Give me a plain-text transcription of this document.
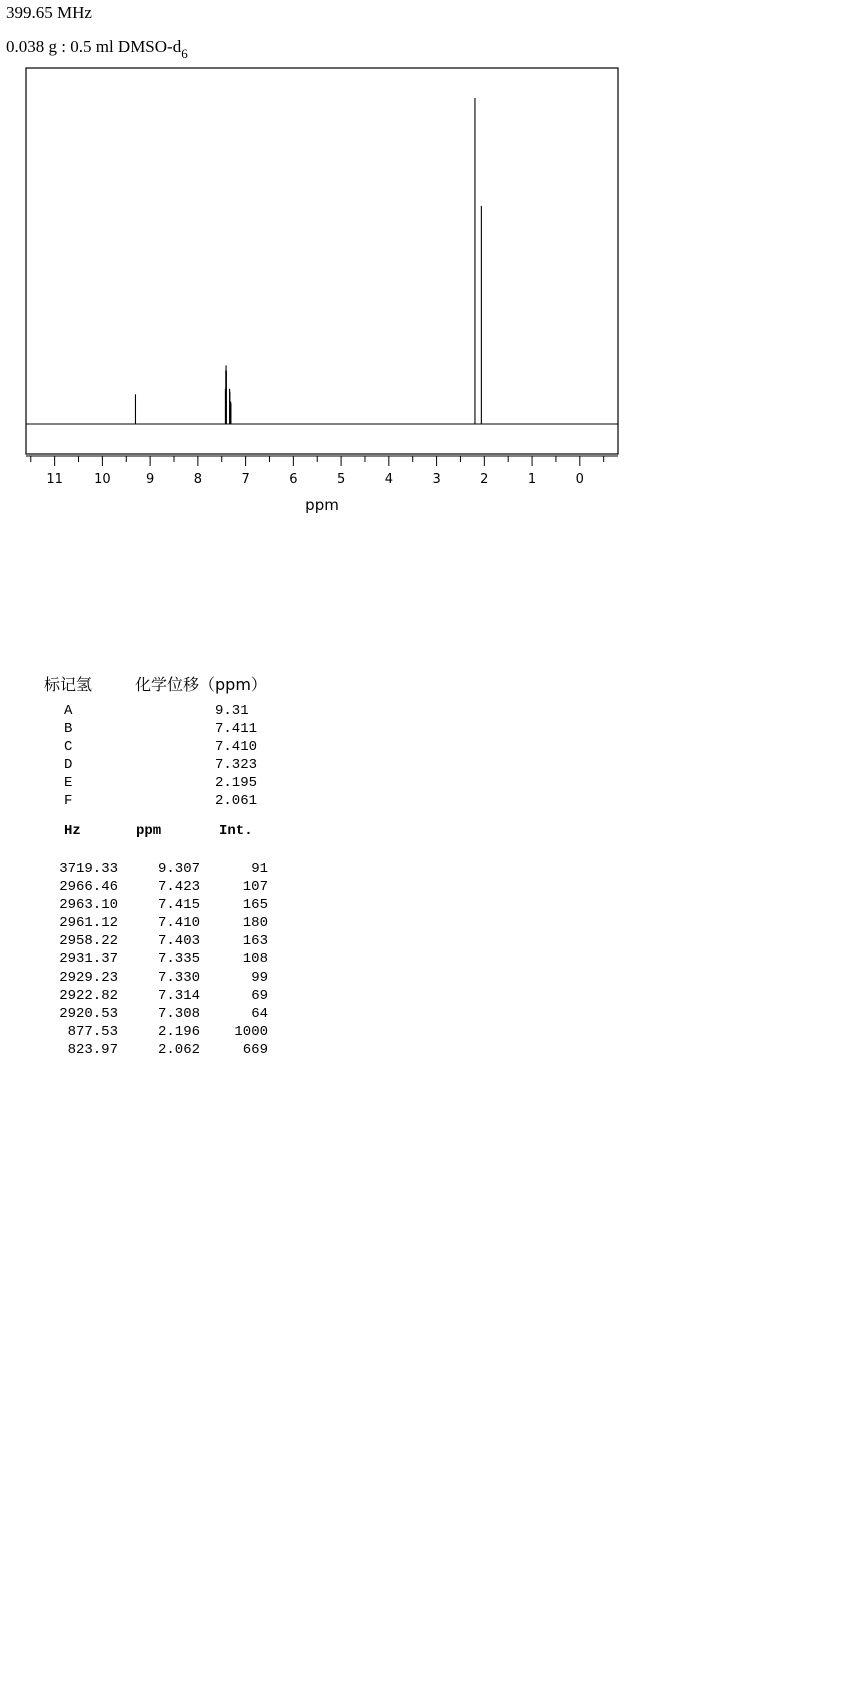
399.65 MHz
0.038 g : 0.5 ml DMSO-$d_6$
11 10	9	8	7	6	5	4	3	2	1	0
ppm
标记氢	化学位移（ppm）
A	9.31
B	7.411
C	7.410
D	7.323
E	2.195
F	2.061
Hz	ppm	Int.
3719.33	9.307	91
2966.46	7.423	107
2963.10	7.415	165
2961.12	7.410	180
2958.22	7.403	163
2931.37	7.335	108
2929.23	7.330	99
2922.82	7.314	69
2920.53	7.308	64
877.53	2.196	1000
823.97	2.062	669
